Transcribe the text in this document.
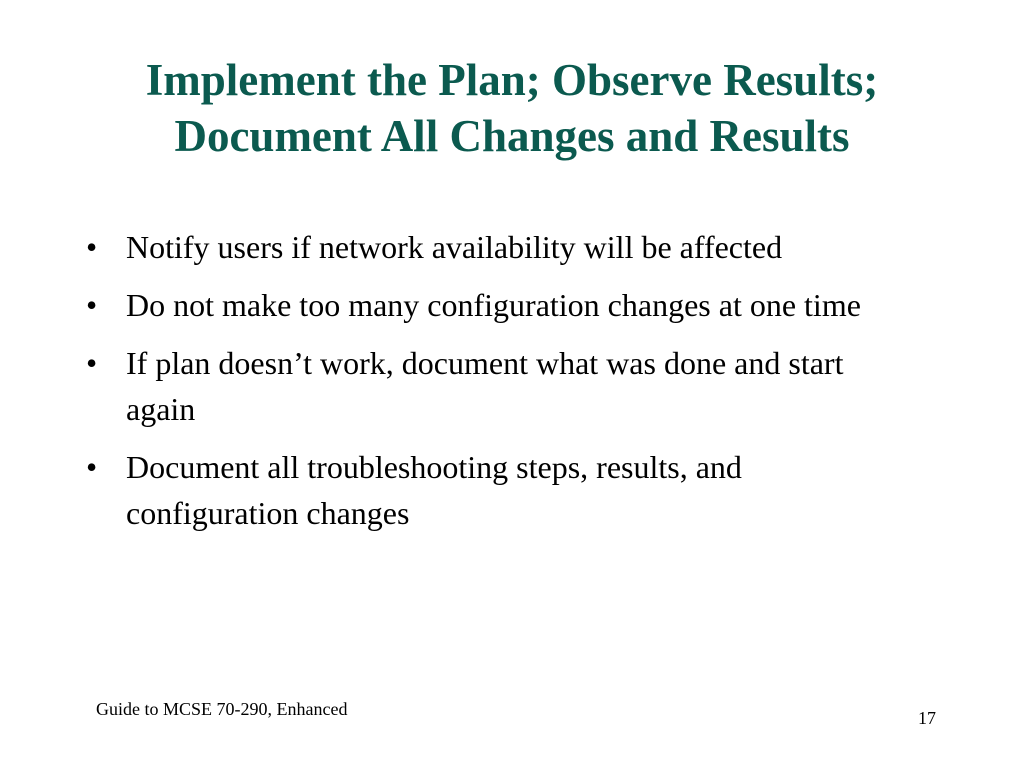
Implement the Plan; Observe Results;
Document All Changes and Results
• Notify users if network availability will be affected
• Do not make too many configuration changes at one time
• If plan doesn’t work, document what was done and start again
• Document all troubleshooting steps, results, and configuration changes
Guide to MCSE 70-290, Enhanced	17
